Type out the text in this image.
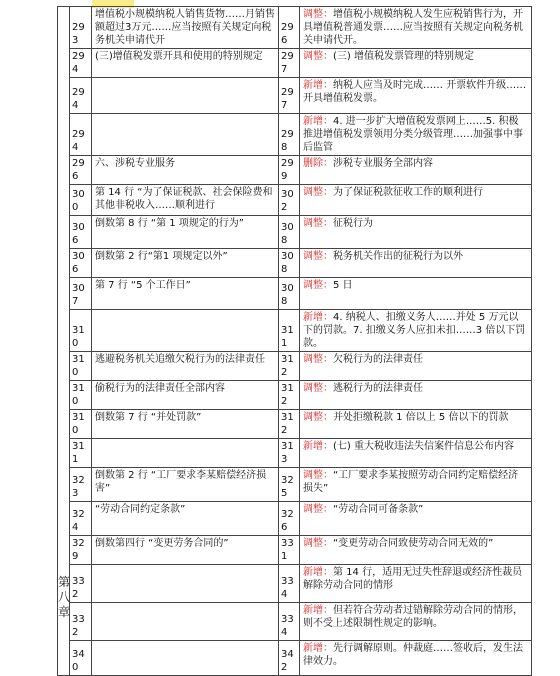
	293	增值税小规模纳税人销售货物……月销售额超过3万元……应当按照有关规定向税务机关申请代开	296	调整：增值税小规模纳税人发生应税销售行为，开具增值税普通发票……应当按照有关规定向税务机关申请代开。
	294	(三)增值税发票开具和使用的特别规定	297	调整：(三) 增值税发票管理的特别规定
	294		297	新增：纳税人应当及时完成…… 开票软件升级……开具增值税发票。
	294		298	新增：4. 进一步扩大增值税发票网上……5. 积极推进增值税发票领用分类分级管理……加强事中事后监管
	296	六、涉税专业服务	299	删除：涉税专业服务全部内容
	300	第 14 行 “为了保证税款、社会保险费和其他非税收入……顺利进行	302	调整：为了保证税款征收工作的顺利进行
	306	倒数第 8 行 “第 1 项规定的行为”	308	调整：征税行为
	306	倒数第 2 行“第1 项规定以外”	308	调整：税务机关作出的征税行为以外
	307	第 7 行 “5 个工作日”	308	调整：5 日
	310		311	新增：4. 纳税人、扣缴义务人……并处 5 万元以下的罚款。7. 扣缴义务人应扣未扣……3 倍以下罚款。
	310	逃避税务机关追缴欠税行为的法律责任	312	调整：欠税行为的法律责任
	310	偷税行为的法律责任全部内容	312	调整：逃税行为的法律责任
	310	倒数第 7 行 “并处罚款”	312	调整：并处拒缴税款 1 倍以上 5 倍以下的罚款
	311		313	新增：(七) 重大税收违法失信案件信息公布内容
	323	倒数第 2 行 “工厂要求李某赔偿经济损害”	325	调整：“工厂要求李某按照劳动合同约定赔偿经济损失”
	324	“劳动合同约定条款”	326	调整：“劳动合同可备条款”
	329	倒数第四行 “变更劳务合同的”	331	调整：“变更劳动合同致使劳动合同无效的”
	332		334	新增：第 14 行，适用无过失性辞退或经济性裁员解除劳动合同的情形
	332		334	新增：但若符合劳动者过错解除劳动合同的情形，则不受上述限制性规定的影响。
	340		342	新增：先行调解原则。仲裁庭……签收后，发生法律效力。
第八章
